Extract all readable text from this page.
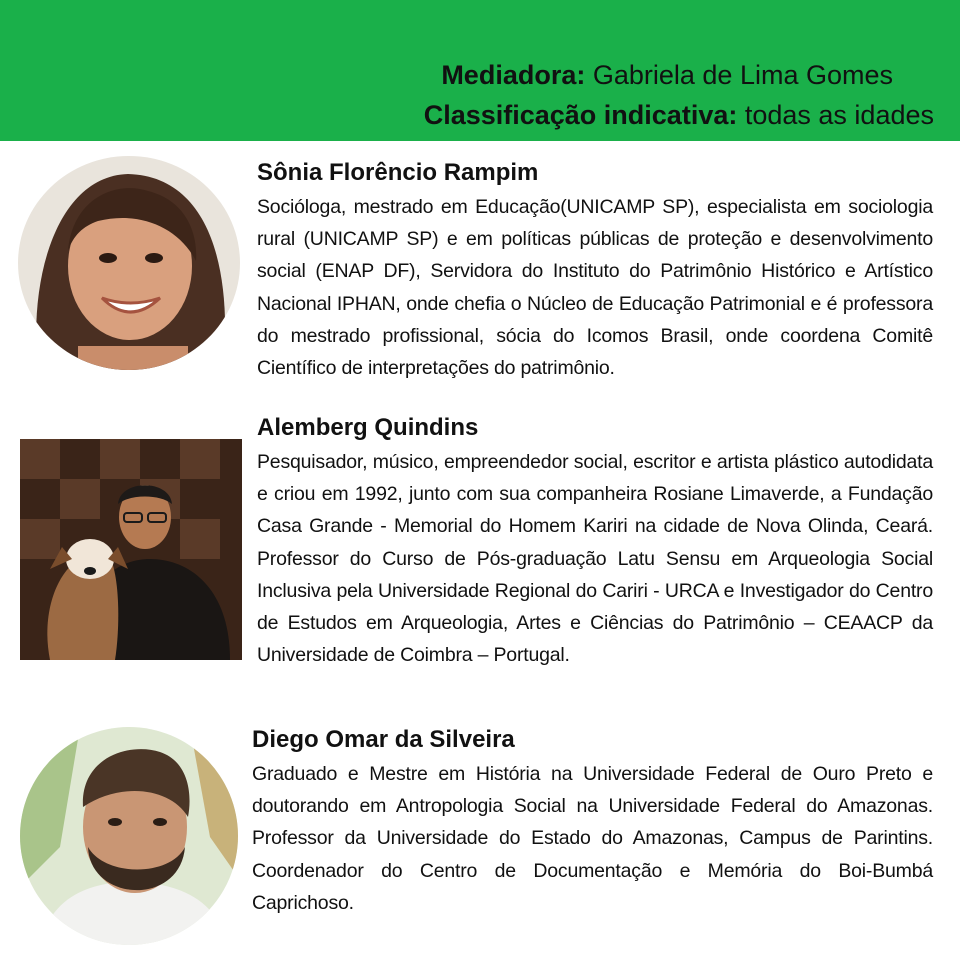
Mediadora: Gabriela de Lima Gomes
Classificação indicativa: todas as idades

Sônia Florêncio Rampim

Socióloga, mestrado em Educação(UNICAMP SP), especialista em sociologia rural (UNICAMP SP) e em políticas públicas de proteção e desenvolvimento social (ENAP DF), Servidora do Instituto do Patrimônio Histórico e Artístico Nacional IPHAN, onde chefia o Núcleo de Educação Patrimonial e é professora do mestrado profissional, sócia do Icomos Brasil, onde coordena Comitê Científico de interpretações do patrimônio.

Alemberg Quindins

Pesquisador, músico, empreendedor social, escritor e artista plástico autodidata e criou em 1992, junto com sua companheira Rosiane Limaverde, a Fundação Casa Grande - Memorial do Homem Kariri na cidade de Nova Olinda, Ceará. Professor do Curso de Pós-graduação Latu Sensu em Arqueologia Social Inclusiva pela Universidade Regional do Cariri - URCA e Investigador do Centro de Estudos em Arqueologia, Artes e Ciências do Patrimônio – CEAACP da Universidade de Coimbra – Portugal.

Diego Omar da Silveira

Graduado e Mestre em História na Universidade Federal de Ouro Preto e doutorando em Antropologia Social na Universidade Federal do Amazonas. Professor da Universidade do Estado do Amazonas, Campus de Parintins. Coordenador do Centro de Documentação e Memória do Boi-Bumbá Caprichoso.
